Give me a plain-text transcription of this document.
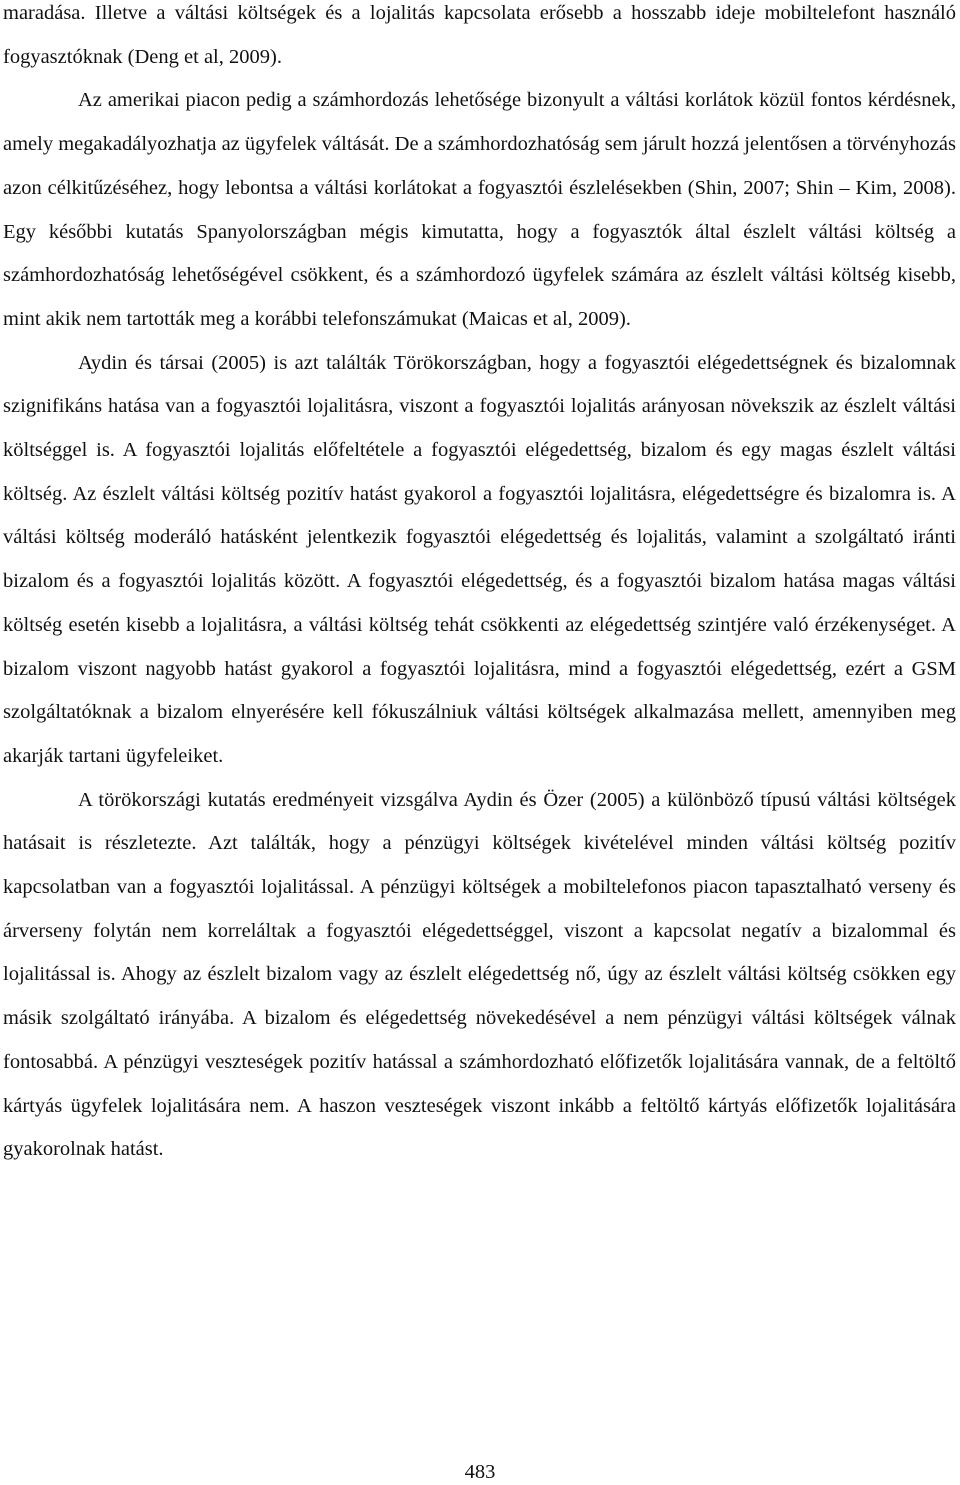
maradása. Illetve a váltási költségek és a lojalitás kapcsolata erősebb a hosszabb ideje mobiltelefont használó fogyasztóknak (Deng et al, 2009).

Az amerikai piacon pedig a számhordozás lehetősége bizonyult a váltási korlátok közül fontos kérdésnek, amely megakadályozhatja az ügyfelek váltását. De a számhordozhatóság sem járult hozzá jelentősen a törvényhozás azon célkitűzéséhez, hogy lebontsa a váltási korlátokat a fogyasztói észlelésekben (Shin, 2007; Shin – Kim, 2008). Egy későbbi kutatás Spanyolországban mégis kimutatta, hogy a fogyasztók által észlelt váltási költség a számhordozhatóság lehetőségével csökkent, és a számhordozó ügyfelek számára az észlelt váltási költség kisebb, mint akik nem tartották meg a korábbi telefonszámukat (Maicas et al, 2009).

Aydin és társai (2005) is azt találták Törökországban, hogy a fogyasztói elégedettségnek és bizalomnak szignifikáns hatása van a fogyasztói lojalitásra, viszont a fogyasztói lojalitás arányosan növekszik az észlelt váltási költséggel is. A fogyasztói lojalitás előfeltétele a fogyasztói elégedettség, bizalom és egy magas észlelt váltási költség. Az észlelt váltási költség pozitív hatást gyakorol a fogyasztói lojalitásra, elégedettségre és bizalomra is. A váltási költség moderáló hatásként jelentkezik fogyasztói elégedettség és lojalitás, valamint a szolgáltató iránti bizalom és a fogyasztói lojalitás között. A fogyasztói elégedettség, és a fogyasztói bizalom hatása magas váltási költség esetén kisebb a lojalitásra, a váltási költség tehát csökkenti az elégedettség szintjére való érzékenységet. A bizalom viszont nagyobb hatást gyakorol a fogyasztói lojalitásra, mind a fogyasztói elégedettség, ezért a GSM szolgáltatóknak a bizalom elnyerésére kell fókuszálniuk váltási költségek alkalmazása mellett, amennyiben meg akarják tartani ügyfeleiket.

A törökországi kutatás eredményeit vizsgálva Aydin és Özer (2005) a különböző típusú váltási költségek hatásait is részletezte. Azt találták, hogy a pénzügyi költségek kivételével minden váltási költség pozitív kapcsolatban van a fogyasztói lojalitással. A pénzügyi költségek a mobiltelefonos piacon tapasztalható verseny és árverseny folytán nem korreláltak a fogyasztói elégedettséggel, viszont a kapcsolat negatív a bizalommal és lojalitással is. Ahogy az észlelt bizalom vagy az észlelt elégedettség nő, úgy az észlelt váltási költség csökken egy másik szolgáltató irányába. A bizalom és elégedettség növekedésével a nem pénzügyi váltási költségek válnak fontosabbá. A pénzügyi veszteségek pozitív hatással a számhordozható előfizetők lojalitására vannak, de a feltöltő kártyás ügyfelek lojalitására nem. A haszon veszteségek viszont inkább a feltöltő kártyás előfizetők lojalitására gyakorolnak hatást.

483
